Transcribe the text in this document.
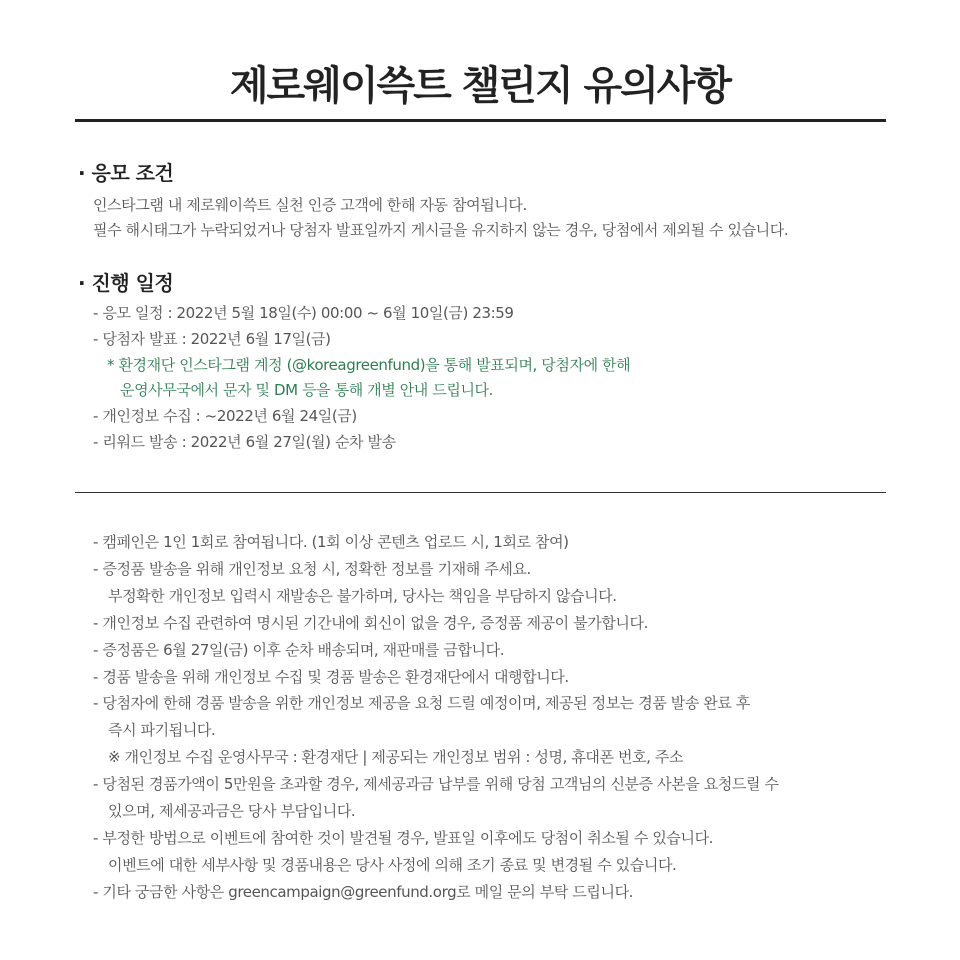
제로웨이쓱트 챌린지 유의사항
· 응모 조건
인스타그램 내 제로웨이쓱트 실천 인증 고객에 한해 자동 참여됩니다.
필수 해시태그가 누락되었거나 당첨자 발표일까지 게시글을 유지하지 않는 경우, 당첨에서 제외될 수 있습니다.
· 진행 일정
- 응모 일정 : 2022년 5월 18일(수) 00:00 ~ 6월 10일(금) 23:59
- 당첨자 발표 : 2022년 6월 17일(금)
* 환경재단 인스타그램 계정 (@koreagreenfund)을 통해 발표되며, 당첨자에 한해
운영사무국에서 문자 및 DM 등을 통해 개별 안내 드립니다.
- 개인정보 수집 : ~2022년 6월 24일(금)
- 리워드 발송 : 2022년 6월 27일(월) 순차 발송
- 캠페인은 1인 1회로 참여됩니다. (1회 이상 콘텐츠 업로드 시, 1회로 참여)
- 증정품 발송을 위해 개인정보 요청 시, 정확한 정보를 기재해 주세요.
부정확한 개인정보 입력시 재발송은 불가하며, 당사는 책임을 부담하지 않습니다.
- 개인정보 수집 관련하여 명시된 기간내에 회신이 없을 경우, 증정품 제공이 불가합니다.
- 증정품은 6월 27일(금) 이후 순차 배송되며, 재판매를 금합니다.
- 경품 발송을 위해 개인정보 수집 및 경품 발송은 환경재단에서 대행합니다.
- 당첨자에 한해 경품 발송을 위한 개인정보 제공을 요청 드릴 예정이며, 제공된 정보는 경품 발송 완료 후
즉시 파기됩니다.
※ 개인정보 수집 운영사무국 : 환경재단 | 제공되는 개인정보 범위 : 성명, 휴대폰 번호, 주소
- 당첨된 경품가액이 5만원을 초과할 경우, 제세공과금 납부를 위해 당첨 고객님의 신분증 사본을 요청드릴 수
있으며, 제세공과금은 당사 부담입니다.
- 부정한 방법으로 이벤트에 참여한 것이 발견될 경우, 발표일 이후에도 당첨이 취소될 수 있습니다.
이벤트에 대한 세부사항 및 경품내용은 당사 사정에 의해 조기 종료 및 변경될 수 있습니다.
- 기타 궁금한 사항은 greencampaign@greenfund.org로 메일 문의 부탁 드립니다.
